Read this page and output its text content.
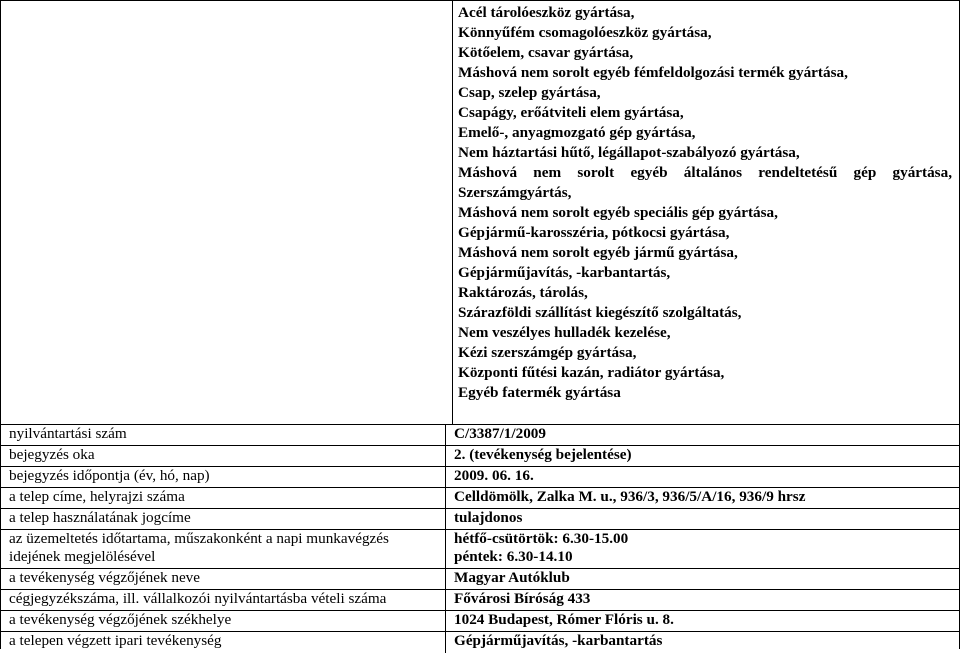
Acél tárolóeszköz gyártása,
Könnyűfém csomagolóeszköz gyártása,
Kötőelem, csavar gyártása,
Máshová nem sorolt egyéb fémfeldolgozási termék gyártása,
Csap, szelep gyártása,
Csapágy, erőátviteli elem gyártása,
Emelő-, anyagmozgató gép gyártása,
Nem háztartási hűtő, légállapot-szabályozó gyártása,
Máshová nem sorolt egyéb általános rendeltetésű gép gyártása,
Szerszámgyártás,
Máshová nem sorolt egyéb speciális gép gyártása,
Gépjármű-karosszéria, pótkocsi gyártása,
Máshová nem sorolt egyéb jármű gyártása,
Gépjárműjavítás, -karbantartás,
Raktározás, tárolás,
Szárazföldi szállítást kiegészítő szolgáltatás,
Nem veszélyes hulladék kezelése,
Kézi szerszámgép gyártása,
Központi fűtési kazán, radiátor gyártása,
Egyéb fatermék gyártása
nyilvántartási szám	C/3387/1/2009
bejegyzés oka	2. (tevékenység bejelentése)
bejegyzés időpontja (év, hó, nap)	2009. 06. 16.
a telep címe, helyrajzi száma	Celldömölk, Zalka M. u., 936/3, 936/5/A/16, 936/9 hrsz
a telep használatának jogcíme	tulajdonos

az üzemeltetés időtartama, műszakonként a napi munkavégzés
idejének megjelölésével	hétfő-csütörtök: 6.30-15.00
péntek: 6.30-14.10

a tevékenység végzőjének neve	Magyar Autóklub
cégjegyzékszáma, ill. vállalkozói nyilvántartásba vételi száma	Fővárosi Bíróság 433
a tevékenység végzőjének székhelye	1024 Budapest, Rómer Flóris u. 8.
a telepen végzett ipari tevékenység	Gépjárműjavítás, -karbantartás
